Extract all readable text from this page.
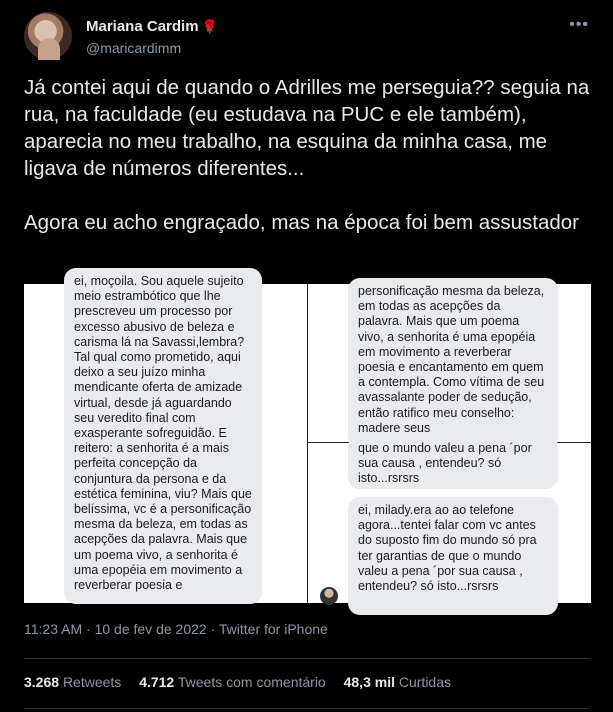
Mariana Cardim 🌹
@maricardimm
•••

Já contei aqui de quando o Adrilles me perseguia?? seguia na rua, na faculdade (eu estudava na PUC e ele também), aparecia no meu trabalho, na esquina da minha casa, me ligava de números diferentes...

Agora eu acho engraçado, mas na época foi bem assustador

ei, moçoila. Sou aquele sujeito meio estrambótico que lhe prescreveu um processo por excesso abusivo de beleza e carisma lá na Savassi,lembra? Tal qual como prometido, aqui deixo a seu juízo minha mendicante oferta de amizade virtual, desde já aguardando seu veredito final com exasperante sofreguidão. E reitero: a senhorita é a mais perfeita concepção da conjuntura da persona e da estética feminina, viu? Mais que belíssima, vc é a personificação mesma da beleza, em todas as acepções da palavra. Mais que um poema vivo, a senhorita é uma epopéia em movimento a reverberar poesia e
personificação mesma da beleza, em todas as acepções da palavra. Mais que um poema vivo, a senhorita é uma epopéia em movimento a reverberar poesia e encantamento em quem a contempla. Como vítima de seu avassalante poder de sedução, então ratifico meu conselho: madere seus
que o mundo valeu a pena ´por sua causa , entendeu? só isto...rsrsrs
ei, milady.era ao ao telefone agora...tentei falar com vc antes do suposto fim do mundo só pra ter garantias de que o mundo valeu a pena ´por sua causa , entendeu? só isto...rsrsrs
11:23 AM · 10 de fev de 2022 · Twitter for iPhone
3.268 Retweets 4.712 Tweets com comentário 48,3 mil Curtidas
